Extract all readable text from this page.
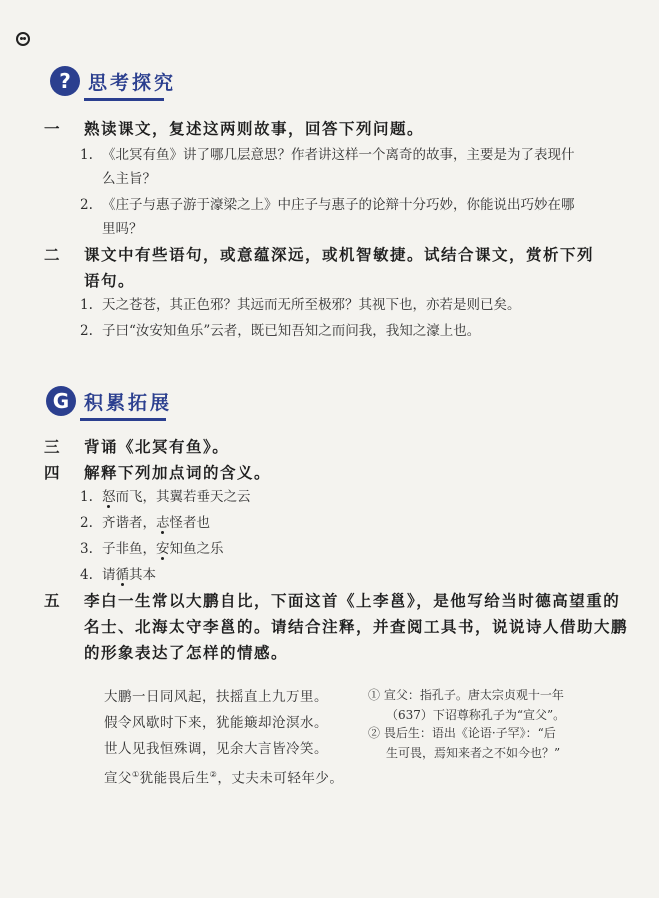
? 思考探究
一 熟读课文，复述这两则故事，回答下列问题。
1. 《北冥有鱼》讲了哪几层意思？作者讲这样一个离奇的故事，主要是为了表现什
么主旨？
2. 《庄子与惠子游于濠梁之上》中庄子与惠子的论辩十分巧妙，你能说出巧妙在哪
里吗？
二 课文中有些语句，或意蕴深远，或机智敏捷。试结合课文，赏析下列
语句。
1. 天之苍苍，其正色邪？其远而无所至极邪？其视下也，亦若是则已矣。
2. 子曰“汝安知鱼乐”云者，既已知吾知之而问我，我知之濠上也。
G 积累拓展
三 背诵《北冥有鱼》。
四 解释下列加点词的含义。
1. 怒而飞，其翼若垂天之云
2. 齐谐者，志怪者也
3. 子非鱼，安知鱼之乐
4. 请循其本
五 李白一生常以大鹏自比，下面这首《上李邕》，是他写给当时德高望重的
名士、北海太守李邕的。请结合注释，并查阅工具书，说说诗人借助大鹏
的形象表达了怎样的情感。
大鹏一日同风起，扶摇直上九万里。
假令风歇时下来，犹能簸却沧溟水。
世人见我恒殊调，见余大言皆冷笑。
宣父①犹能畏后生②，丈夫未可轻年少。
① 宣父：指孔子。唐太宗贞观十一年
（637）下诏尊称孔子为“宣父”。
② 畏后生：语出《论语·子罕》：“后
生可畏，焉知来者之不如今也？”
